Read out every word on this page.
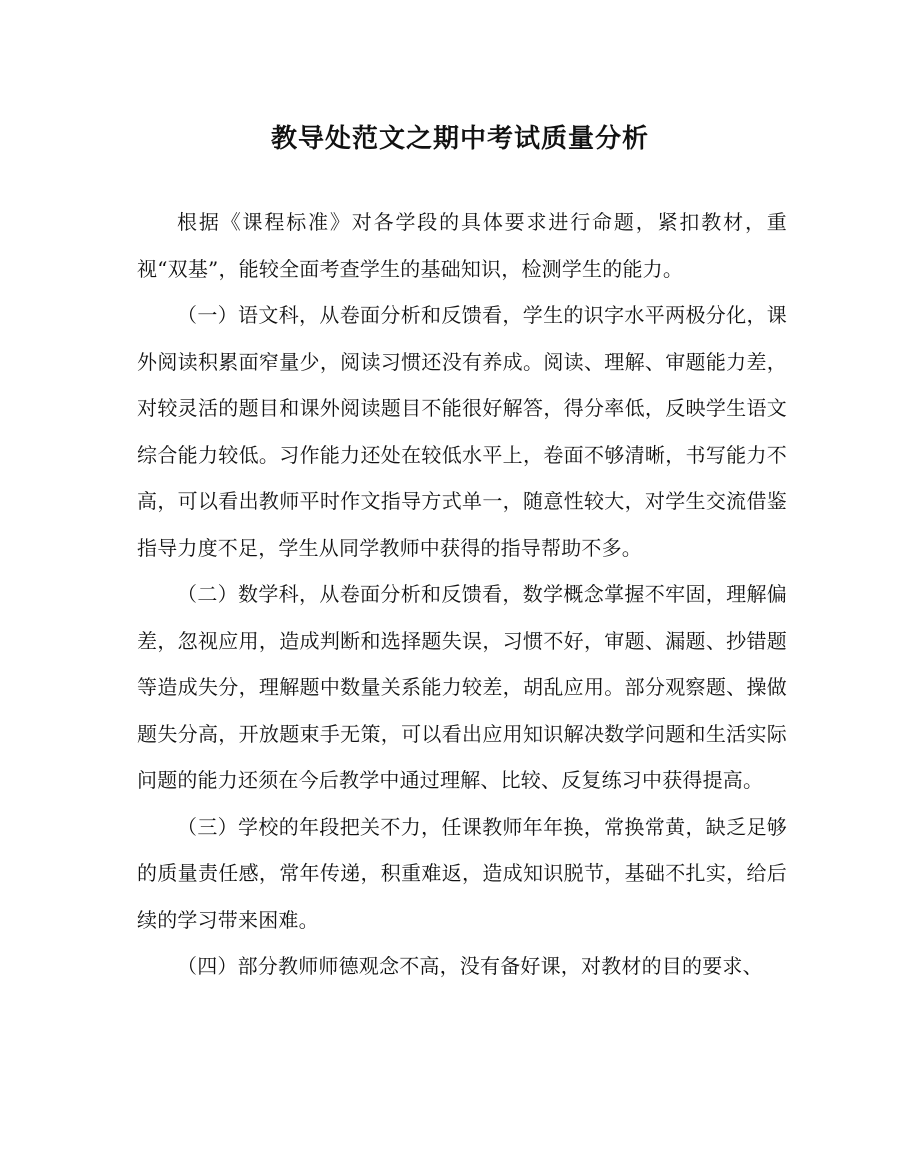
教导处范文之期中考试质量分析

根据《课程标准》对各学段的具体要求进行命题，紧扣教材，重视“双基”，能较全面考查学生的基础知识，检测学生的能力。

（一）语文科，从卷面分析和反馈看，学生的识字水平两极分化，课外阅读积累面窄量少，阅读习惯还没有养成。阅读、理解、审题能力差，对较灵活的题目和课外阅读题目不能很好解答，得分率低，反映学生语文综合能力较低。习作能力还处在较低水平上，卷面不够清晰，书写能力不高，可以看出教师平时作文指导方式单一，随意性较大，对学生交流借鉴指导力度不足，学生从同学教师中获得的指导帮助不多。

（二）数学科，从卷面分析和反馈看，数学概念掌握不牢固，理解偏差，忽视应用，造成判断和选择题失误，习惯不好，审题、漏题、抄错题等造成失分，理解题中数量关系能力较差，胡乱应用。部分观察题、操做题失分高，开放题束手无策，可以看出应用知识解决数学问题和生活实际问题的能力还须在今后教学中通过理解、比较、反复练习中获得提高。

（三）学校的年段把关不力，任课教师年年换，常换常黄，缺乏足够的质量责任感，常年传递，积重难返，造成知识脱节，基础不扎实，给后续的学习带来困难。

（四）部分教师师德观念不高，没有备好课，对教材的目的要求、
